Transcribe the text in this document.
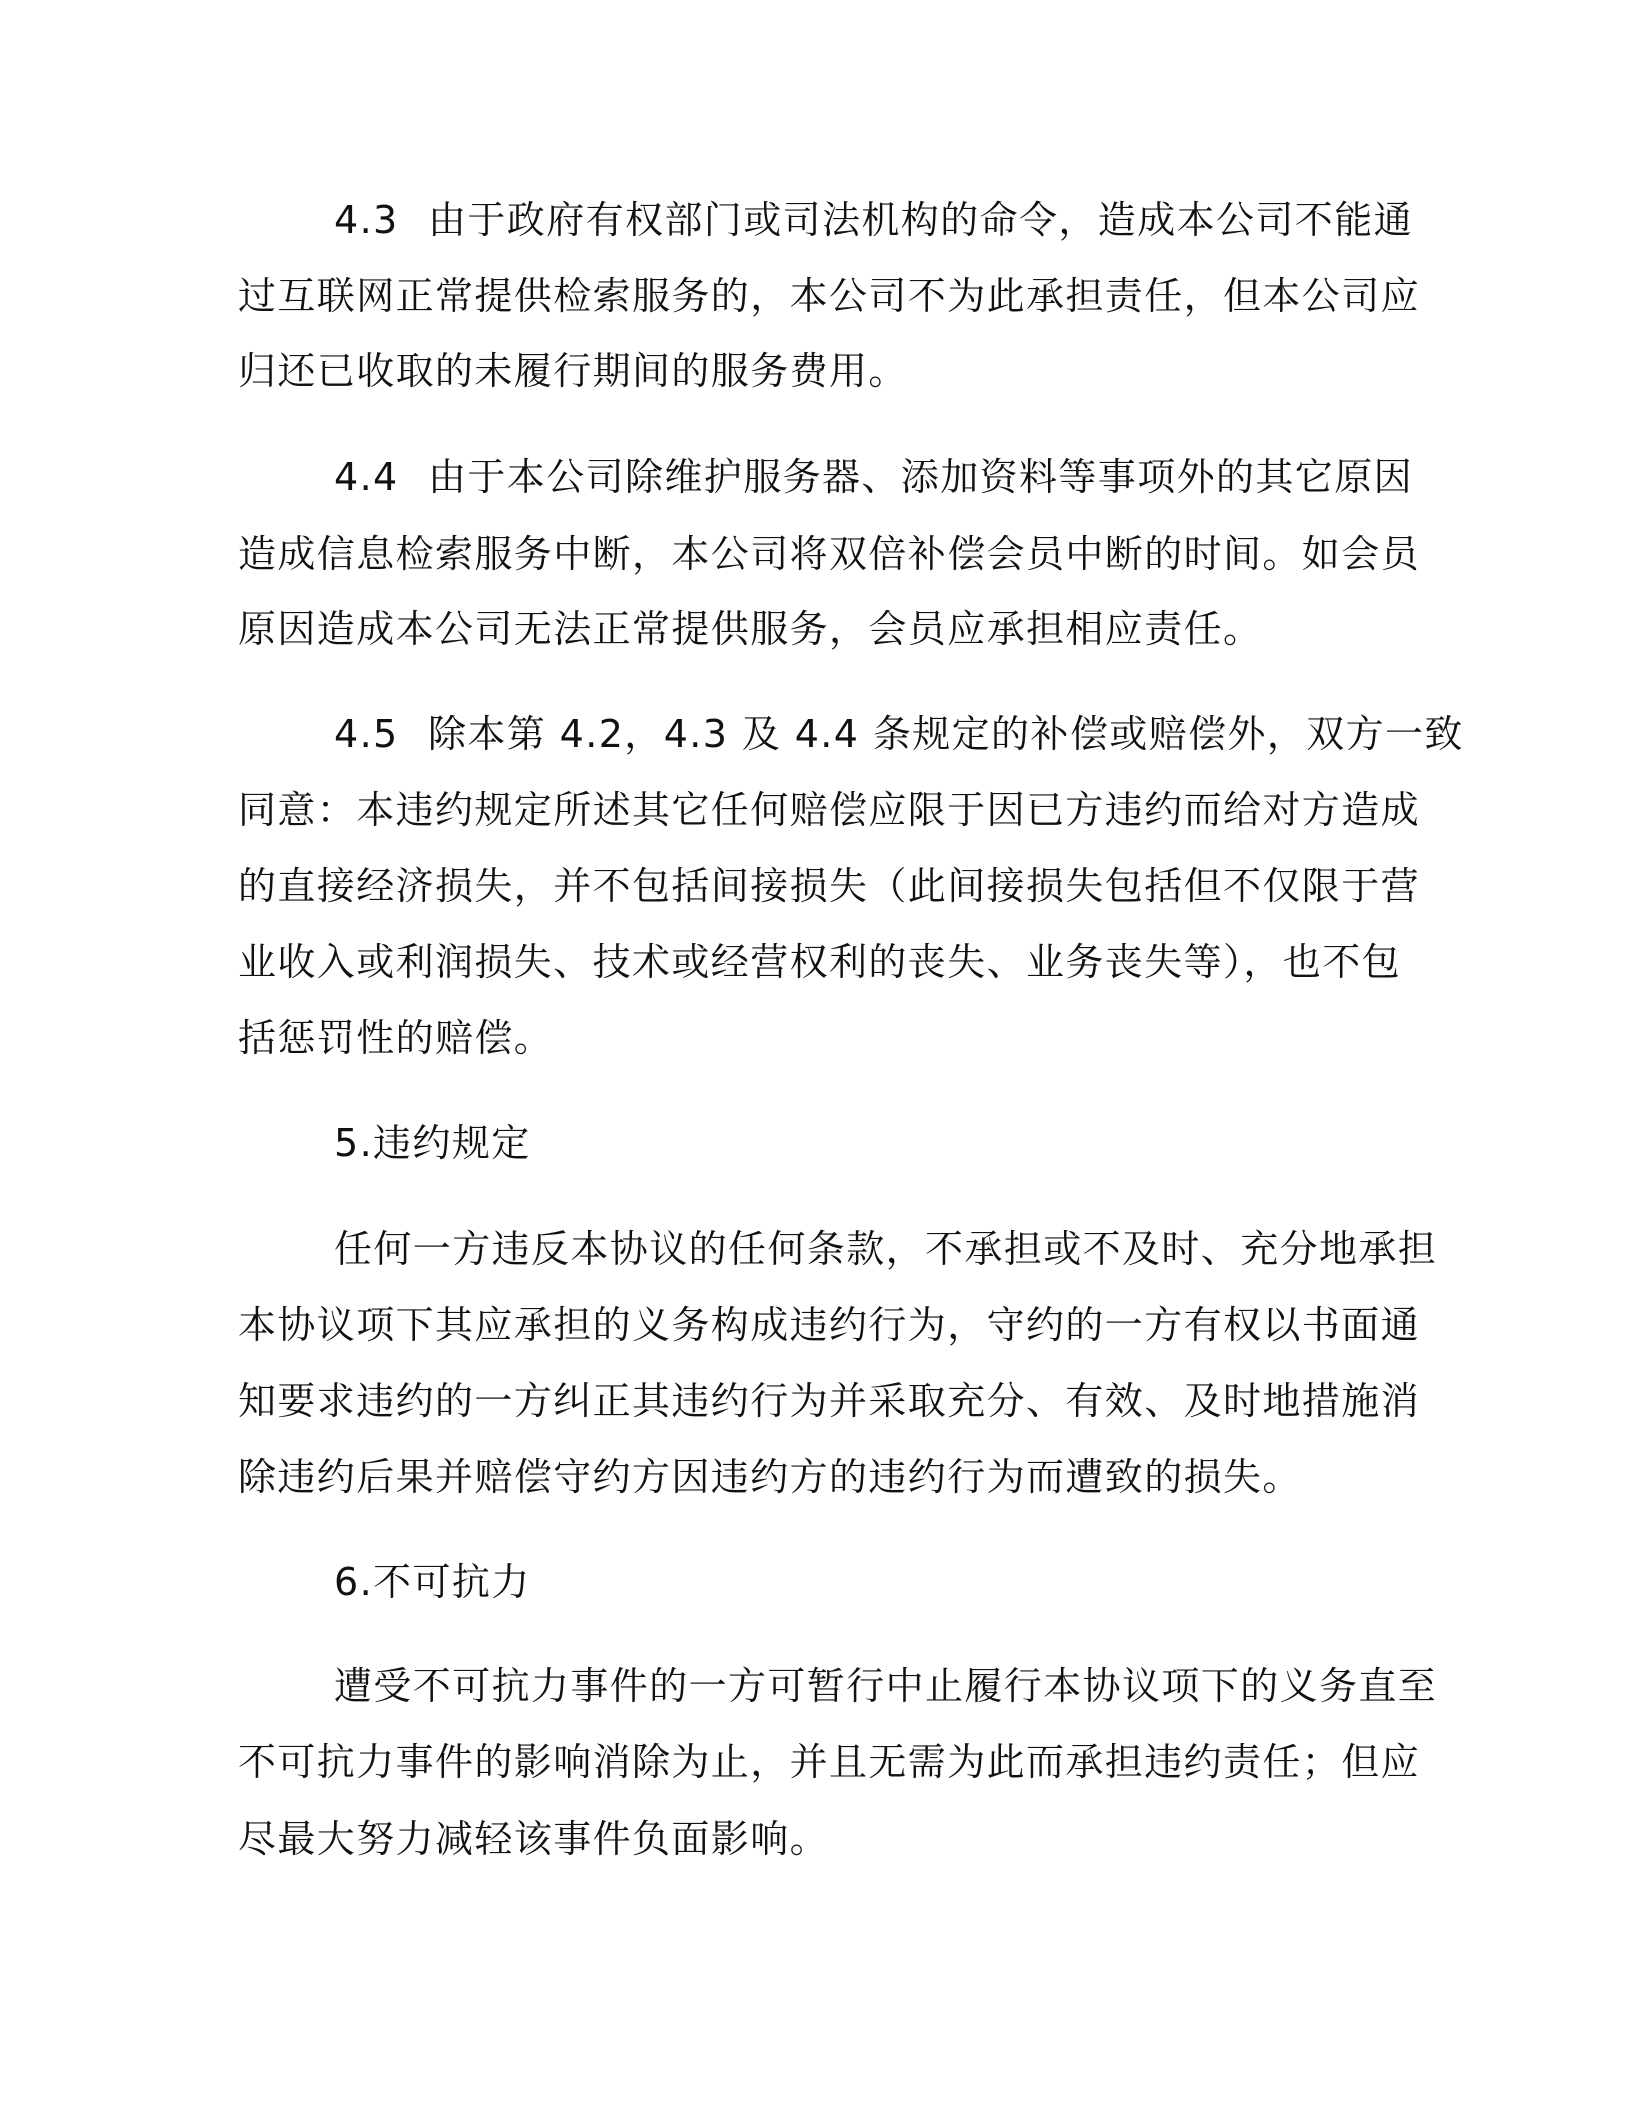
4.3 由于政府有权部门或司法机构的命令，造成本公司不能通
过互联网正常提供检索服务的，本公司不为此承担责任，但本公司应
归还已收取的未履行期间的服务费用。
4.4 由于本公司除维护服务器、添加资料等事项外的其它原因
造成信息检索服务中断，本公司将双倍补偿会员中断的时间。如会员
原因造成本公司无法正常提供服务，会员应承担相应责任。
4.5 除本第 4.2，4.3 及 4.4 条规定的补偿或赔偿外，双方一致
同意：本违约规定所述其它任何赔偿应限于因已方违约而给对方造成
的直接经济损失，并不包括间接损失（此间接损失包括但不仅限于营
业收入或利润损失、技术或经营权利的丧失、业务丧失等），也不包
括惩罚性的赔偿。
5.违约规定
任何一方违反本协议的任何条款，不承担或不及时、充分地承担
本协议项下其应承担的义务构成违约行为，守约的一方有权以书面通
知要求违约的一方纠正其违约行为并采取充分、有效、及时地措施消
除违约后果并赔偿守约方因违约方的违约行为而遭致的损失。
6.不可抗力
遭受不可抗力事件的一方可暂行中止履行本协议项下的义务直至
不可抗力事件的影响消除为止，并且无需为此而承担违约责任；但应
尽最大努力减轻该事件负面影响。
